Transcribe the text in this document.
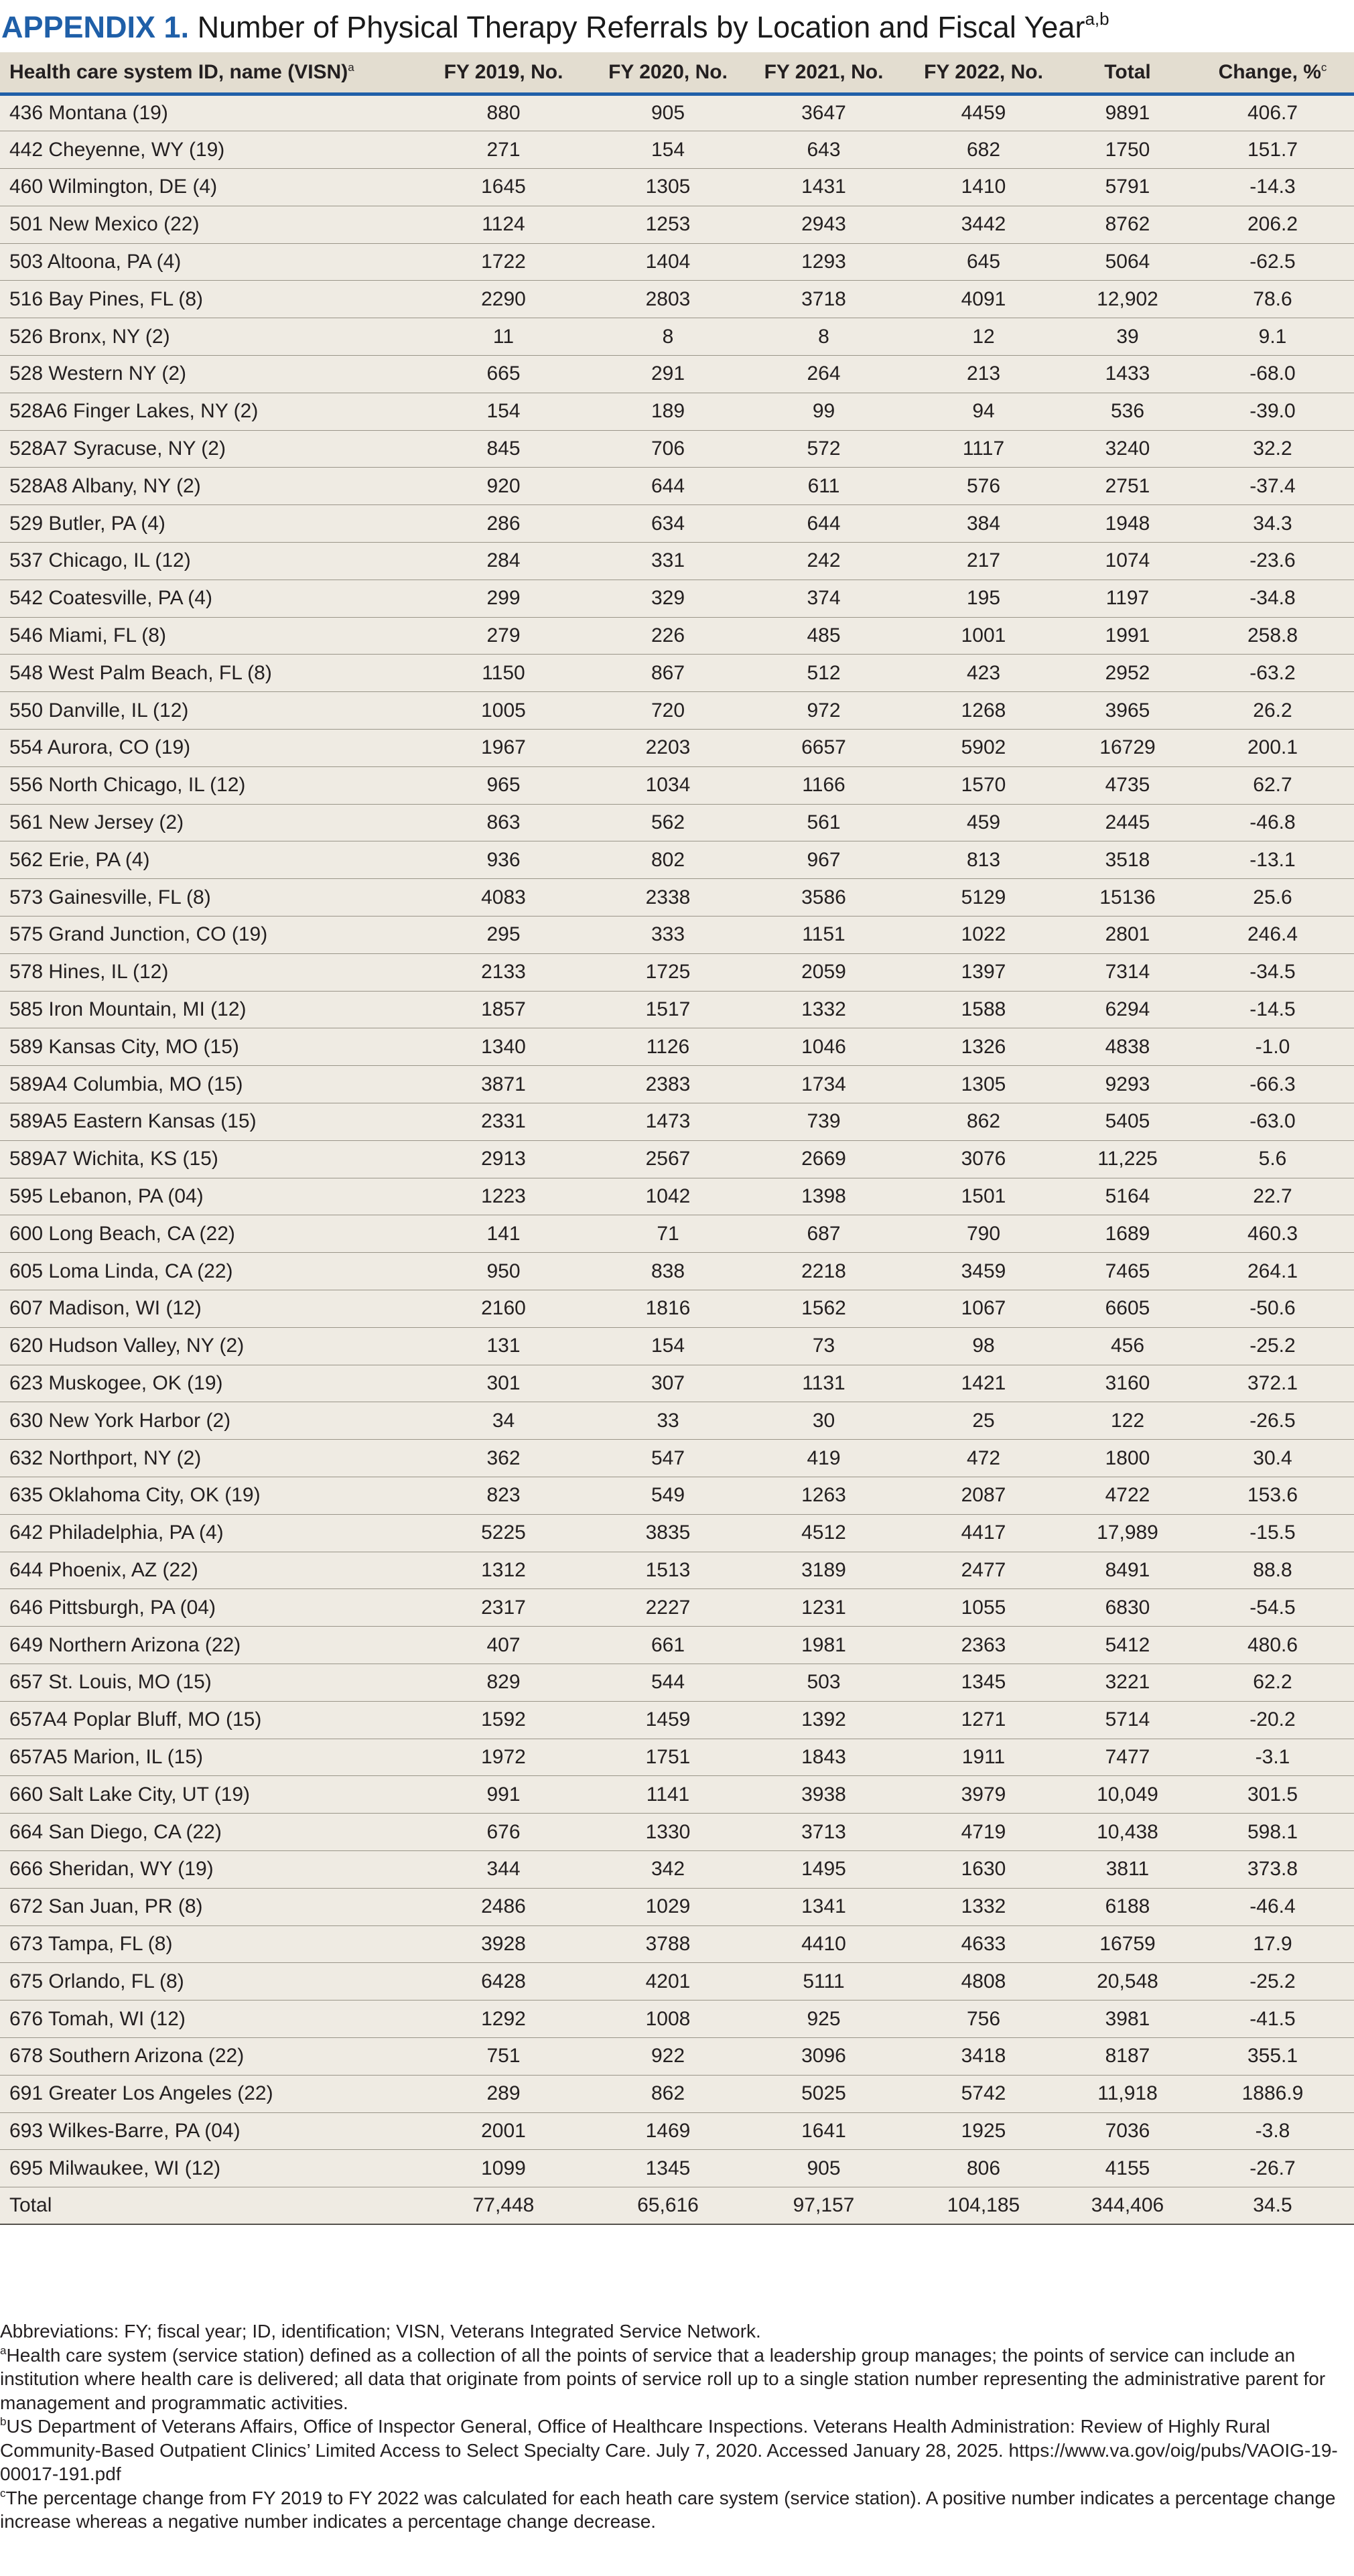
APPENDIX 1. Number of Physical Therapy Referrals by Location and Fiscal Year$^{a,b}$
Health care system ID, name (VISN)$^a$	FY 2019, No.	FY 2020, No.	FY 2021, No.	FY 2022, No.	Total	Change, %$^c$
436 Montana (19)	880	905	3647	4459	9891	406.7
442 Cheyenne, WY (19)	271	154	643	682	1750	151.7
460 Wilmington, DE (4)	1645	1305	1431	1410	5791	-14.3
501 New Mexico (22)	1124	1253	2943	3442	8762	206.2
503 Altoona, PA (4)	1722	1404	1293	645	5064	-62.5
516 Bay Pines, FL (8)	2290	2803	3718	4091	12,902	78.6
526 Bronx, NY (2)	11	8	8	12	39	9.1
528 Western NY (2)	665	291	264	213	1433	-68.0
528A6 Finger Lakes, NY (2)	154	189	99	94	536	-39.0
528A7 Syracuse, NY (2)	845	706	572	1117	3240	32.2
528A8 Albany, NY (2)	920	644	611	576	2751	-37.4
529 Butler, PA (4)	286	634	644	384	1948	34.3
537 Chicago, IL (12)	284	331	242	217	1074	-23.6
542 Coatesville, PA (4)	299	329	374	195	1197	-34.8
546 Miami, FL (8)	279	226	485	1001	1991	258.8
548 West Palm Beach, FL (8)	1150	867	512	423	2952	-63.2
550 Danville, IL (12)	1005	720	972	1268	3965	26.2
554 Aurora, CO (19)	1967	2203	6657	5902	16729	200.1
556 North Chicago, IL (12)	965	1034	1166	1570	4735	62.7
561 New Jersey (2)	863	562	561	459	2445	-46.8
562 Erie, PA (4)	936	802	967	813	3518	-13.1
573 Gainesville, FL (8)	4083	2338	3586	5129	15136	25.6
575 Grand Junction, CO (19)	295	333	1151	1022	2801	246.4
578 Hines, IL (12)	2133	1725	2059	1397	7314	-34.5
585 Iron Mountain, MI (12)	1857	1517	1332	1588	6294	-14.5
589 Kansas City, MO (15)	1340	1126	1046	1326	4838	-1.0
589A4 Columbia, MO (15)	3871	2383	1734	1305	9293	-66.3
589A5 Eastern Kansas (15)	2331	1473	739	862	5405	-63.0
589A7 Wichita, KS (15)	2913	2567	2669	3076	11,225	5.6
595 Lebanon, PA (04)	1223	1042	1398	1501	5164	22.7
600 Long Beach, CA (22)	141	71	687	790	1689	460.3
605 Loma Linda, CA (22)	950	838	2218	3459	7465	264.1
607 Madison, WI (12)	2160	1816	1562	1067	6605	-50.6
620 Hudson Valley, NY (2)	131	154	73	98	456	-25.2
623 Muskogee, OK (19)	301	307	1131	1421	3160	372.1
630 New York Harbor (2)	34	33	30	25	122	-26.5
632 Northport, NY (2)	362	547	419	472	1800	30.4
635 Oklahoma City, OK (19)	823	549	1263	2087	4722	153.6
642 Philadelphia, PA (4)	5225	3835	4512	4417	17,989	-15.5
644 Phoenix, AZ (22)	1312	1513	3189	2477	8491	88.8
646 Pittsburgh, PA (04)	2317	2227	1231	1055	6830	-54.5
649 Northern Arizona (22)	407	661	1981	2363	5412	480.6
657 St. Louis, MO (15)	829	544	503	1345	3221	62.2
657A4 Poplar Bluff, MO (15)	1592	1459	1392	1271	5714	-20.2
657A5 Marion, IL (15)	1972	1751	1843	1911	7477	-3.1
660 Salt Lake City, UT (19)	991	1141	3938	3979	10,049	301.5
664 San Diego, CA (22)	676	1330	3713	4719	10,438	598.1
666 Sheridan, WY (19)	344	342	1495	1630	3811	373.8
672 San Juan, PR (8)	2486	1029	1341	1332	6188	-46.4
673 Tampa, FL (8)	3928	3788	4410	4633	16759	17.9
675 Orlando, FL (8)	6428	4201	5111	4808	20,548	-25.2
676 Tomah, WI (12)	1292	1008	925	756	3981	-41.5
678 Southern Arizona (22)	751	922	3096	3418	8187	355.1
691 Greater Los Angeles (22)	289	862	5025	5742	11,918	1886.9
693 Wilkes-Barre, PA (04)	2001	1469	1641	1925	7036	-3.8
695 Milwaukee, WI (12)	1099	1345	905	806	4155	-26.7
Total	77,448	65,616	97,157	104,185	344,406	34.5

Abbreviations: FY; fiscal year; ID, identification; VISN, Veterans Integrated Service Network.

$^a$Health care system (service station) defined as a collection of all the points of service that a leadership group manages; the points of service can include an institution where health care is delivered; all data that originate from points of service roll up to a single station number representing the administrative parent for management and programmatic activities.

$^b$US Department of Veterans Affairs, Office of Inspector General, Office of Healthcare Inspections. Veterans Health Administration: Review of Highly Rural Community-Based Outpatient Clinics’ Limited Access to Select Specialty Care. July 7, 2020. Accessed January 28, 2025. https://www.va.gov/oig/pubs/VAOIG-19-00017-191.pdf

$^c$The percentage change from FY 2019 to FY 2022 was calculated for each heath care system (service station). A positive number indicates a percentage change increase whereas a negative number indicates a percentage change decrease.
